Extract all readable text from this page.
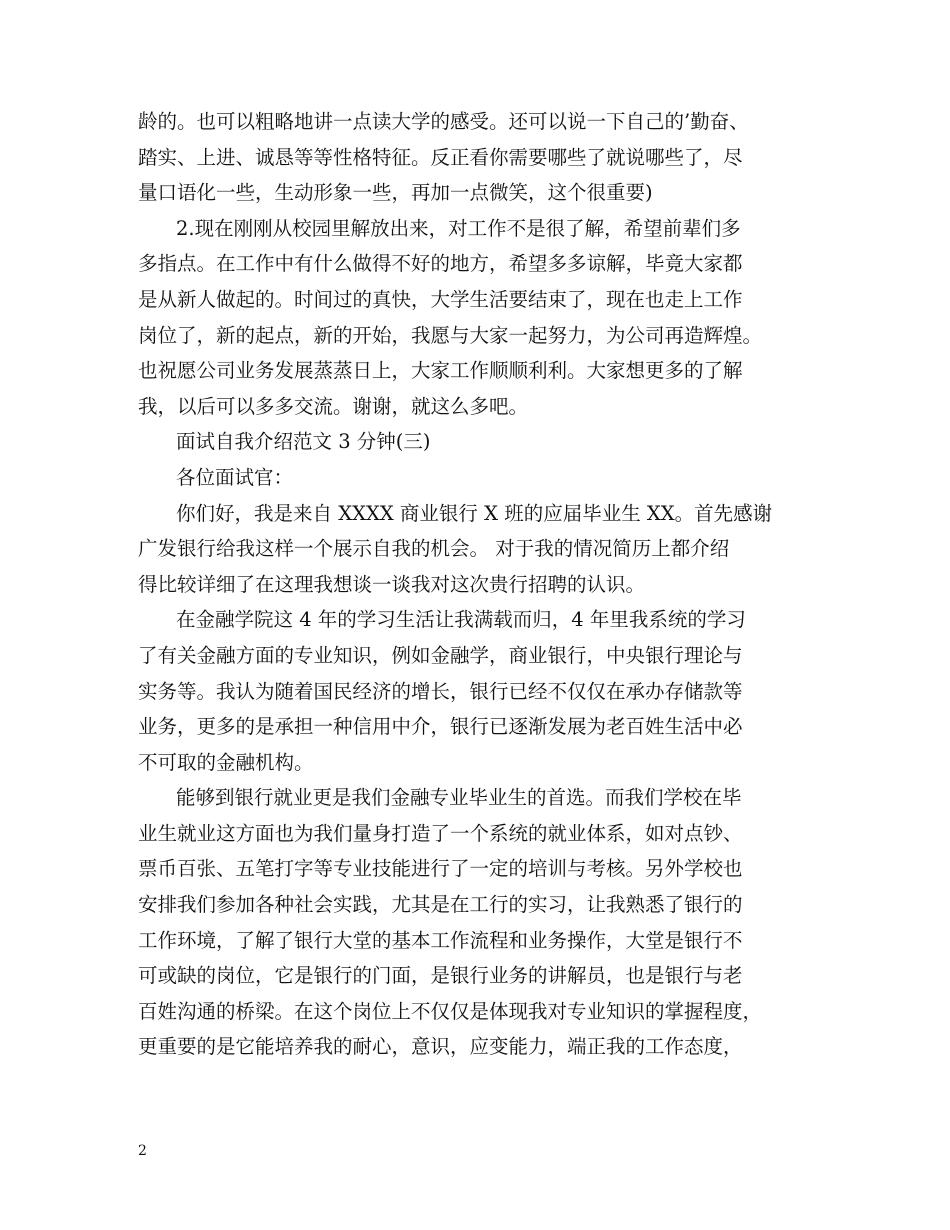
龄的。也可以粗略地讲一点读大学的感受。还可以说一下自己的’勤奋、
踏实、上进、诚恳等等性格特征。反正看你需要哪些了就说哪些了，尽
量口语化一些，生动形象一些，再加一点微笑，这个很重要)
2.现在刚刚从校园里解放出来，对工作不是很了解，希望前辈们多
多指点。在工作中有什么做得不好的地方，希望多多谅解，毕竟大家都
是从新人做起的。时间过的真快，大学生活要结束了，现在也走上工作
岗位了，新的起点，新的开始，我愿与大家一起努力，为公司再造辉煌。
也祝愿公司业务发展蒸蒸日上，大家工作顺顺利利。大家想更多的了解
我，以后可以多多交流。谢谢，就这么多吧。
面试自我介绍范文 3 分钟(三)
各位面试官：
你们好，我是来自 XXXX 商业银行 X 班的应届毕业生 XX。首先感谢
广发银行给我这样一个展示自我的机会。 对于我的情况简历上都介绍
得比较详细了在这理我想谈一谈我对这次贵行招聘的认识。
在金融学院这 4 年的学习生活让我满载而归，4 年里我系统的学习
了有关金融方面的专业知识，例如金融学，商业银行，中央银行理论与
实务等。我认为随着国民经济的增长，银行已经不仅仅在承办存储款等
业务，更多的是承担一种信用中介，银行已逐渐发展为老百姓生活中必
不可取的金融机构。
能够到银行就业更是我们金融专业毕业生的首选。而我们学校在毕
业生就业这方面也为我们量身打造了一个系统的就业体系，如对点钞、
票币百张、五笔打字等专业技能进行了一定的培训与考核。另外学校也
安排我们参加各种社会实践，尤其是在工行的实习，让我熟悉了银行的
工作环境，了解了银行大堂的基本工作流程和业务操作，大堂是银行不
可或缺的岗位，它是银行的门面，是银行业务的讲解员，也是银行与老
百姓沟通的桥梁。在这个岗位上不仅仅是体现我对专业知识的掌握程度，
更重要的是它能培养我的耐心，意识，应变能力，端正我的工作态度，
2
